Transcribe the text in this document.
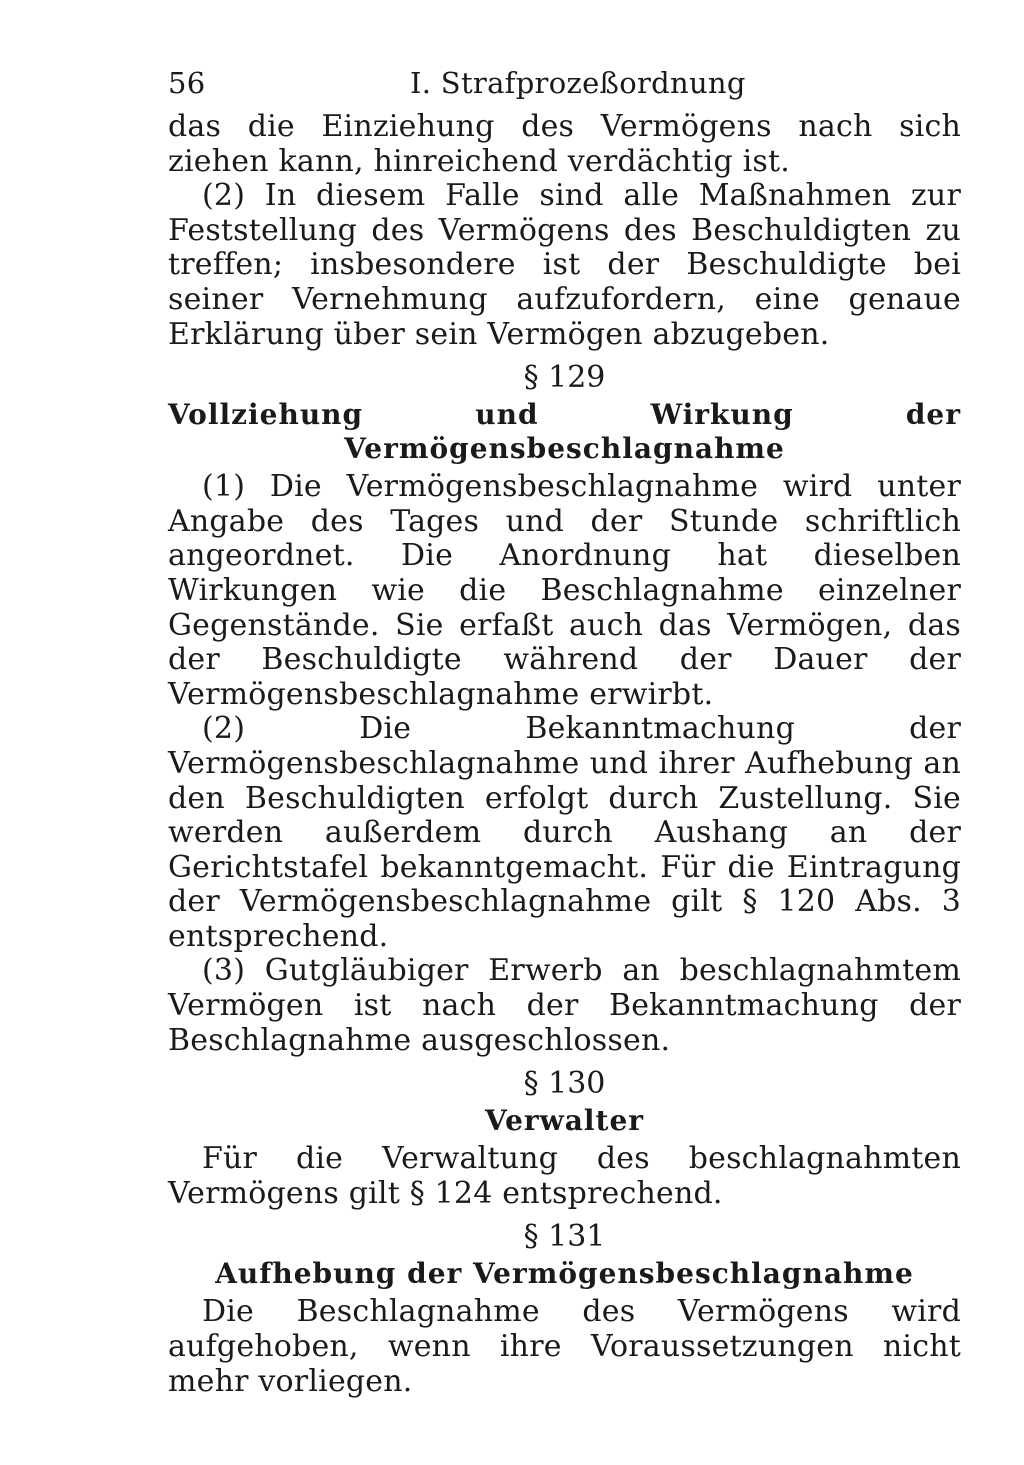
56	I. Strafprozeßordnung

das die Einziehung des Vermögens nach sich ziehen kann, hinreichend verdächtig ist.

(2) In diesem Falle sind alle Maßnahmen zur Feststellung des Vermögens des Beschuldigten zu treffen; insbesondere ist der Beschuldigte bei seiner Vernehmung aufzufordern, eine genaue Erklärung über sein Vermögen abzugeben.

§ 129

Vollziehung und Wirkung der Vermögensbeschlagnahme

(1) Die Vermögensbeschlagnahme wird unter Angabe des Tages und der Stunde schriftlich angeordnet. Die Anordnung hat dieselben Wirkungen wie die Beschlagnahme einzelner Gegenstände. Sie erfaßt auch das Vermögen, das der Beschuldigte während der Dauer der Vermögensbeschlagnahme erwirbt.

(2) Die Bekanntmachung der Vermögensbeschlagnahme und ihrer Aufhebung an den Beschuldigten erfolgt durch Zustellung. Sie werden außerdem durch Aushang an der Gerichtstafel bekanntgemacht. Für die Eintragung der Vermögensbeschlagnahme gilt § 120 Abs. 3 entsprechend.

(3) Gutgläubiger Erwerb an beschlagnahmtem Vermögen ist nach der Bekanntmachung der Beschlagnahme ausgeschlossen.

§ 130

Verwalter

Für die Verwaltung des beschlagnahmten Vermögens gilt § 124 entsprechend.

§ 131

Aufhebung der Vermögensbeschlagnahme

Die Beschlagnahme des Vermögens wird aufgehoben, wenn ihre Voraussetzungen nicht mehr vorliegen.
